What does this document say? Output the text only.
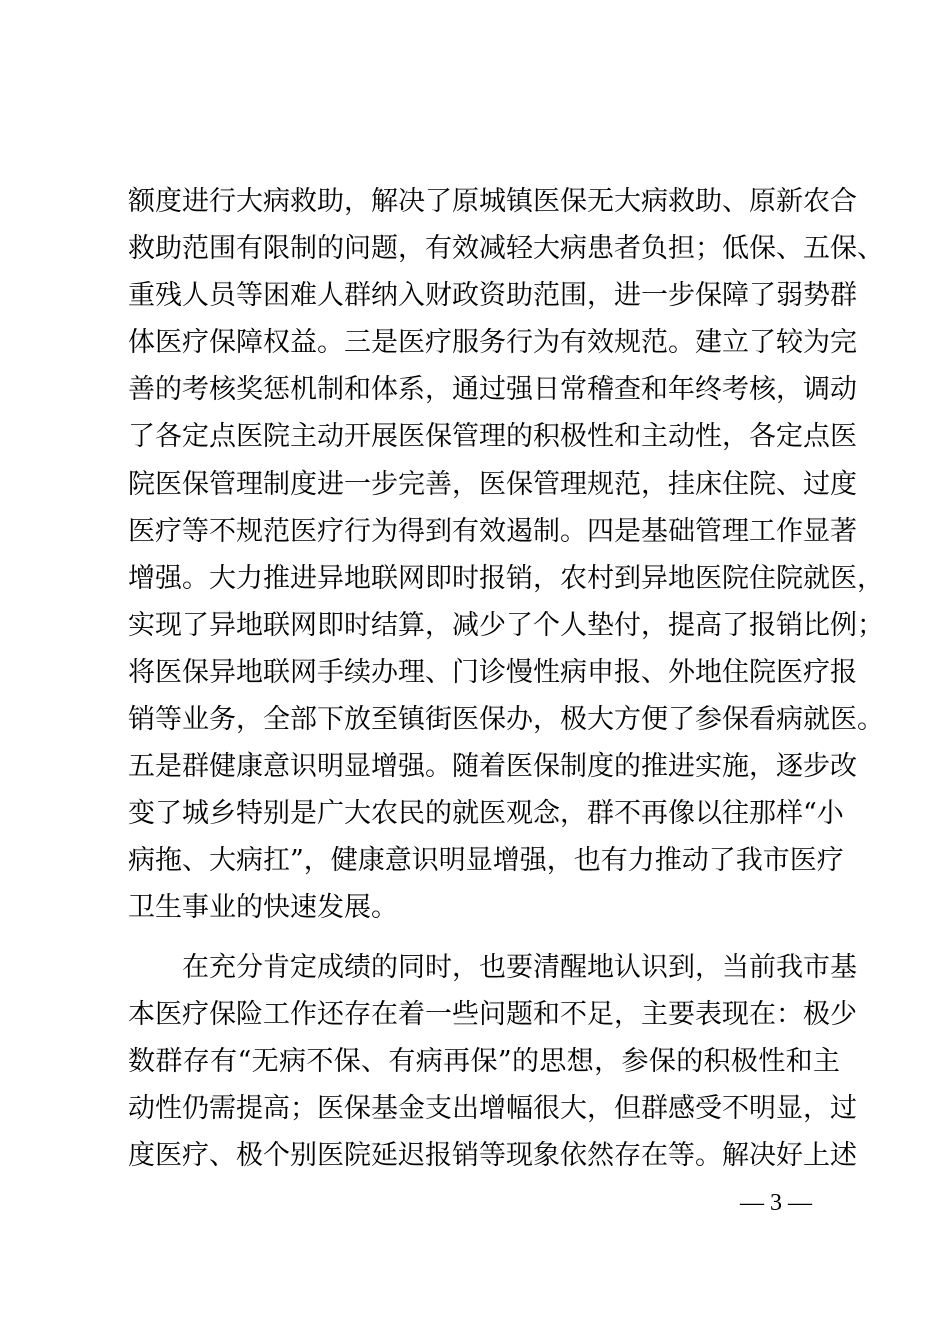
额度进行大病救助，解决了原城镇医保无大病救助、原新农合
救助范围有限制的问题，有效减轻大病患者负担；低保、五保、
重残人员等困难人群纳入财政资助范围，进一步保障了弱势群
体医疗保障权益。三是医疗服务行为有效规范。建立了较为完
善的考核奖惩机制和体系，通过强日常稽查和年终考核，调动
了各定点医院主动开展医保管理的积极性和主动性，各定点医
院医保管理制度进一步完善，医保管理规范，挂床住院、过度
医疗等不规范医疗行为得到有效遏制。四是基础管理工作显著
增强。大力推进异地联网即时报销，农村到异地医院住院就医，
实现了异地联网即时结算，减少了个人垫付，提高了报销比例；
将医保异地联网手续办理、门诊慢性病申报、外地住院医疗报
销等业务，全部下放至镇街医保办，极大方便了参保看病就医。
五是群健康意识明显增强。随着医保制度的推进实施，逐步改
变了城乡特别是广大农民的就医观念，群不再像以往那样“小
病拖、大病扛”，健康意识明显增强，也有力推动了我市医疗
卫生事业的快速发展。
在充分肯定成绩的同时，也要清醒地认识到，当前我市基
本医疗保险工作还存在着一些问题和不足，主要表现在：极少
数群存有“无病不保、有病再保”的思想，参保的积极性和主
动性仍需提高；医保基金支出增幅很大，但群感受不明显，过
度医疗、极个别医院延迟报销等现象依然存在等。解决好上述
— 3 —
